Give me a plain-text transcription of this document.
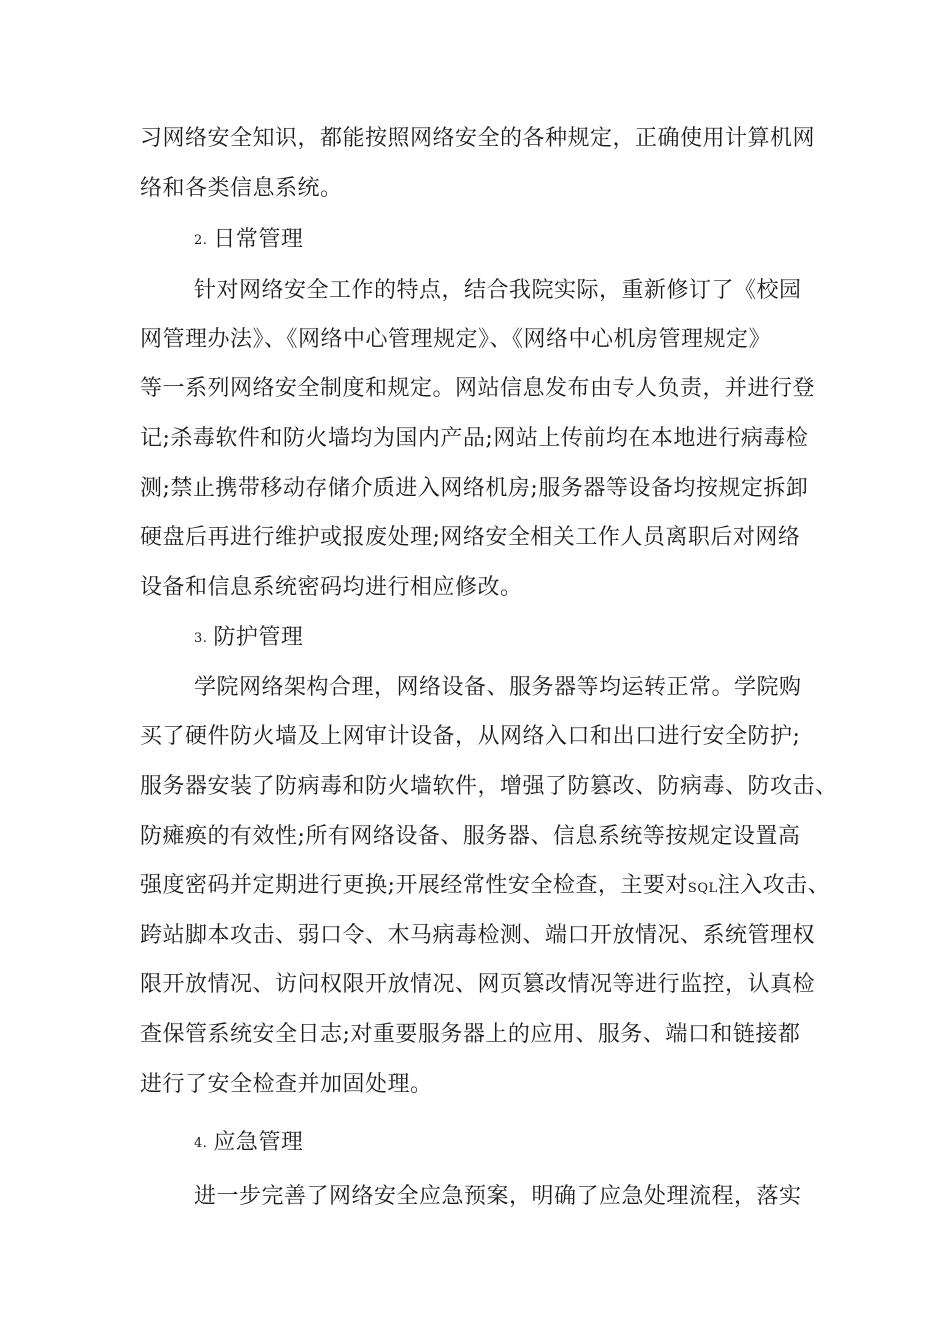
习网络安全知识，都能按照网络安全的各种规定，正确使用计算机网
络和各类信息系统。
2. 日常管理
针对网络安全工作的特点，结合我院实际，重新修订了《校园
网管理办法》、《网络中心管理规定》、《网络中心机房管理规定》
等一系列网络安全制度和规定。网站信息发布由专人负责，并进行登
记;杀毒软件和防火墙均为国内产品;网站上传前均在本地进行病毒检
测;禁止携带移动存储介质进入网络机房;服务器等设备均按规定拆卸
硬盘后再进行维护或报废处理;网络安全相关工作人员离职后对网络
设备和信息系统密码均进行相应修改。
3. 防护管理
学院网络架构合理，网络设备、服务器等均运转正常。学院购
买了硬件防火墙及上网审计设备，从网络入口和出口进行安全防护;
服务器安装了防病毒和防火墙软件，增强了防篡改、防病毒、防攻击、
防瘫痪的有效性;所有网络设备、服务器、信息系统等按规定设置高
强度密码并定期进行更换;开展经常性安全检查，主要对SQL注入攻击、
跨站脚本攻击、弱口令、木马病毒检测、端口开放情况、系统管理权
限开放情况、访问权限开放情况、网页篡改情况等进行监控，认真检
查保管系统安全日志;对重要服务器上的应用、服务、端口和链接都
进行了安全检查并加固处理。
4. 应急管理
进一步完善了网络安全应急预案，明确了应急处理流程，落实
